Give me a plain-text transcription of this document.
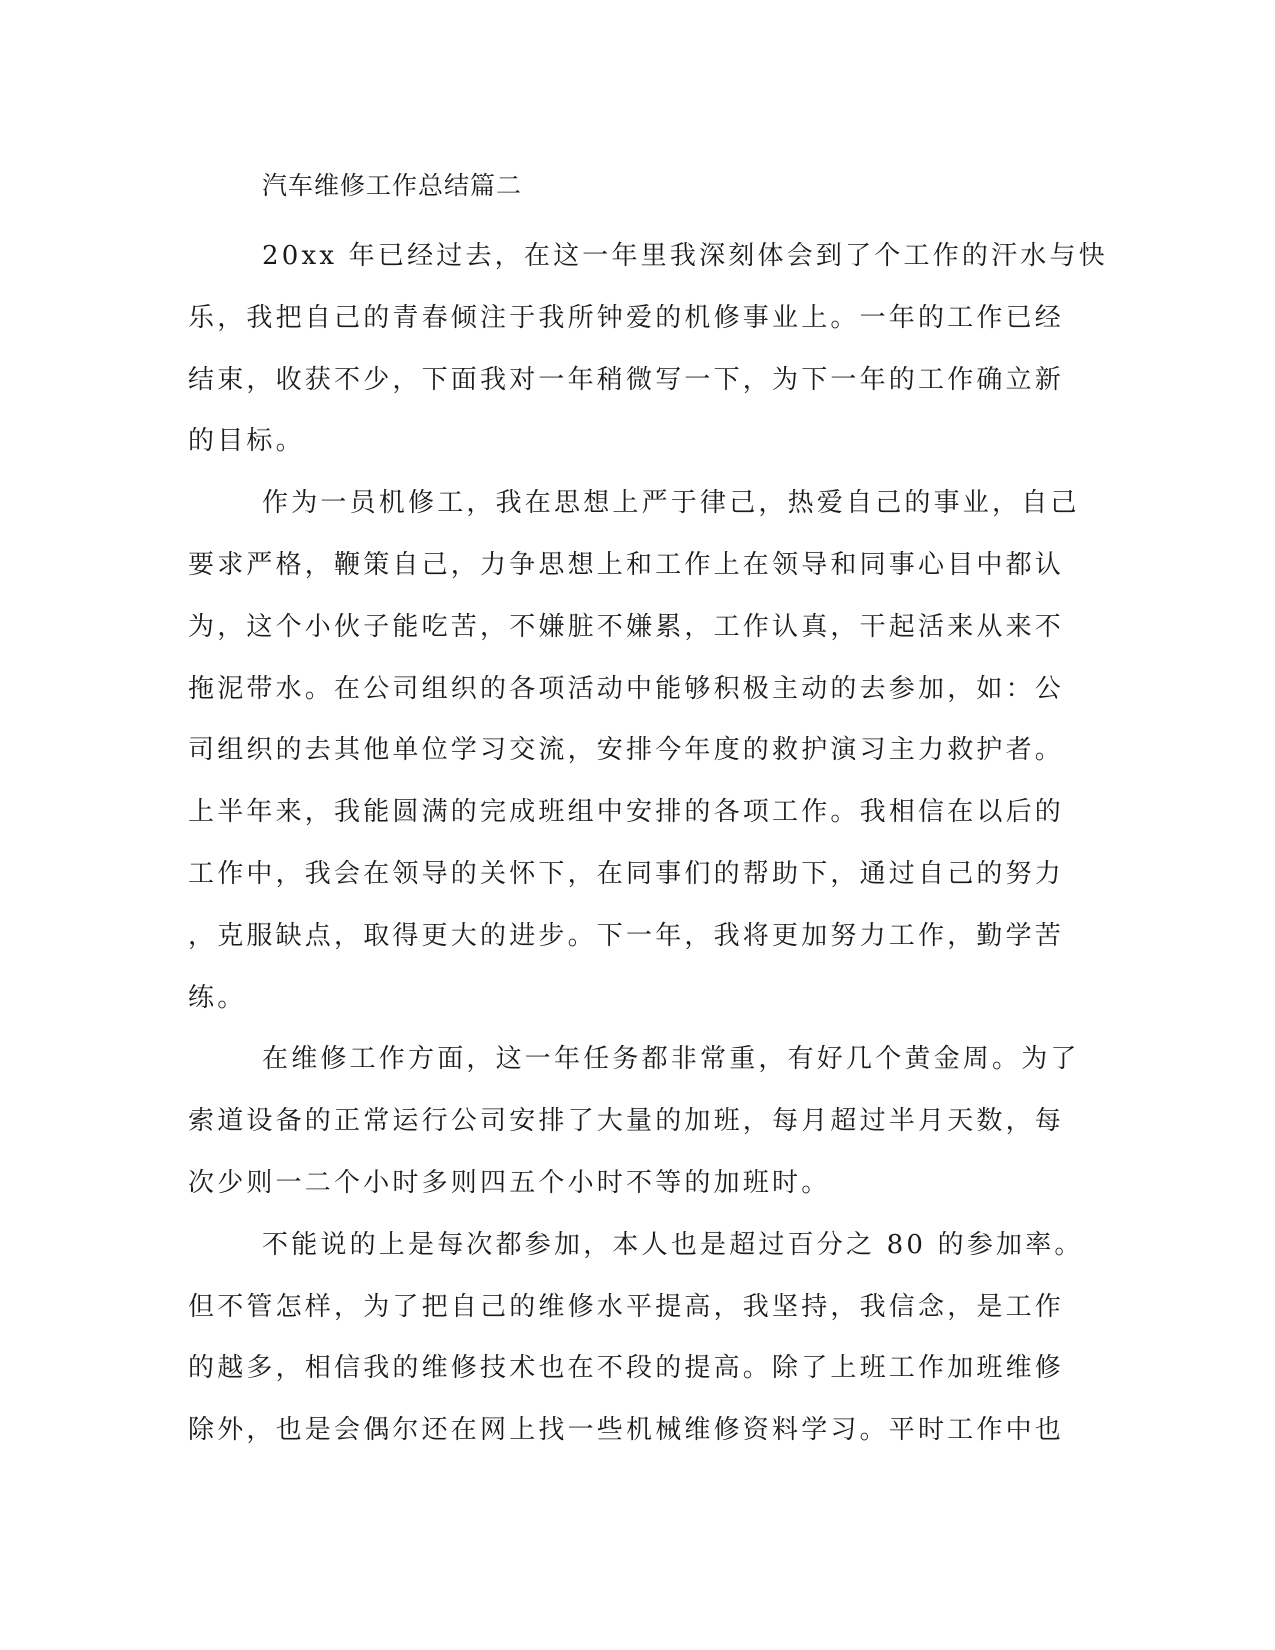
汽车维修工作总结篇二
20xx 年已经过去，在这一年里我深刻体会到了个工作的汗水与快
乐，我把自己的青春倾注于我所钟爱的机修事业上。一年的工作已经
结束，收获不少，下面我对一年稍微写一下，为下一年的工作确立新
的目标。
作为一员机修工，我在思想上严于律己，热爱自己的事业，自己
要求严格，鞭策自己，力争思想上和工作上在领导和同事心目中都认
为，这个小伙子能吃苦，不嫌脏不嫌累，工作认真，干起活来从来不
拖泥带水。在公司组织的各项活动中能够积极主动的去参加，如：公
司组织的去其他单位学习交流，安排今年度的救护演习主力救护者。
上半年来，我能圆满的完成班组中安排的各项工作。我相信在以后的
工作中，我会在领导的关怀下，在同事们的帮助下，通过自己的努力
，克服缺点，取得更大的进步。下一年，我将更加努力工作，勤学苦
练。
在维修工作方面，这一年任务都非常重，有好几个黄金周。为了
索道设备的正常运行公司安排了大量的加班，每月超过半月天数，每
次少则一二个小时多则四五个小时不等的加班时。
不能说的上是每次都参加，本人也是超过百分之 80 的参加率。
但不管怎样，为了把自己的维修水平提高，我坚持，我信念，是工作
的越多，相信我的维修技术也在不段的提高。除了上班工作加班维修
除外，也是会偶尔还在网上找一些机械维修资料学习。平时工作中也
